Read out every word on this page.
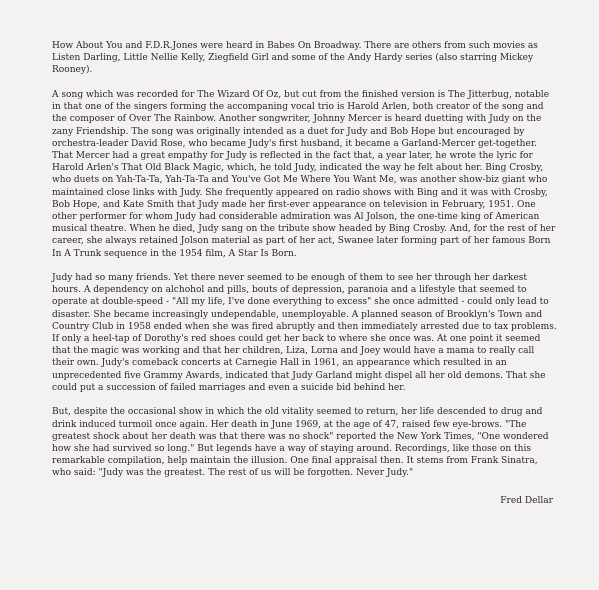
How About You and F.D.R.Jones were heard in Babes On Broadway. There are others from such movies as Listen Darling, Little Nellie Kelly, Ziegfield Girl and some of the Andy Hardy series (also starring Mickey Rooney).

A song which was recorded for The Wizard Of Oz, but cut from the finished version is The Jitterbug, notable in that one of the singers forming the accompaning vocal trio is Harold Arlen, both creator of the song and the composer of Over The Rainbow. Another songwriter, Johnny Mercer is heard duetting with Judy on the zany Friendship. The song was originally intended as a duet for Judy and Bob Hope but encouraged by orchestra-leader David Rose, who became Judy's first husband, it became a Garland-Mercer get-together. That Mercer had a great empathy for Judy is reflected in the fact that, a year later, he wrote the lyric for Harold Arlen's That Old Black Magic, which, he told Judy, indicated the way he felt about her. Bing Crosby, who duets on Yah-Ta-Ta, Yah-Ta-Ta and You've Got Me Where You Want Me, was another show-biz giant who maintained close links with Judy. She frequently appeared on radio shows with Bing and it was with Crosby, Bob Hope, and Kate Smith that Judy made her first-ever appearance on television in February, 1951. One other performer for whom Judy had considerable admiration was Al Jolson, the one-time king of American musical theatre. When he died, Judy sang on the tribute show headed by Bing Crosby. And, for the rest of her career, she always retained Jolson material as part of her act, Swanee later forming part of her famous Born In A Trunk sequence in the 1954 film, A Star Is Born.

Judy had so many friends. Yet there never seemed to be enough of them to see her through her darkest hours. A dependency on alchohol and pills, bouts of depression, paranoia and a lifestyle that seemed to operate at double-speed - "All my life, I've done everything to excess" she once admitted - could only lead to disaster. She became increasingly undependable, unemployable. A planned season of Brooklyn's Town and Country Club in 1958 ended when she was fired abruptly and then immediately arrested due to tax problems. If only a heel-tap of Dorothy's red shoes could get her back to where she once was. At one point it seemed that the magic was working and that her children, Liza, Lorna and Joey would have a mama to really call their own. Judy's comeback concerts at Carnegie Hall in 1961, an appearance which resulted in an unprecedented five Grammy Awards, indicated that Judy Garland might dispel all her old demons. That she could put a succession of failed marriages and even a suicide bid behind her.

But, despite the occasional show in which the old vitality seemed to return, her life descended to drug and drink induced turmoil once again. Her death in June 1969, at the age of 47, raised few eye-brows. "The greatest shock about her death was that there was no shock" reported the New York Times, "One wondered how she had survived so long." But legends have a way of staying around. Recordings, like those on this remarkable compilation, help maintain the illusion. One final appraisal then. It stems from Frank Sinatra, who said: "Judy was the greatest. The rest of us will be forgotten. Never Judy."

Fred Dellar
